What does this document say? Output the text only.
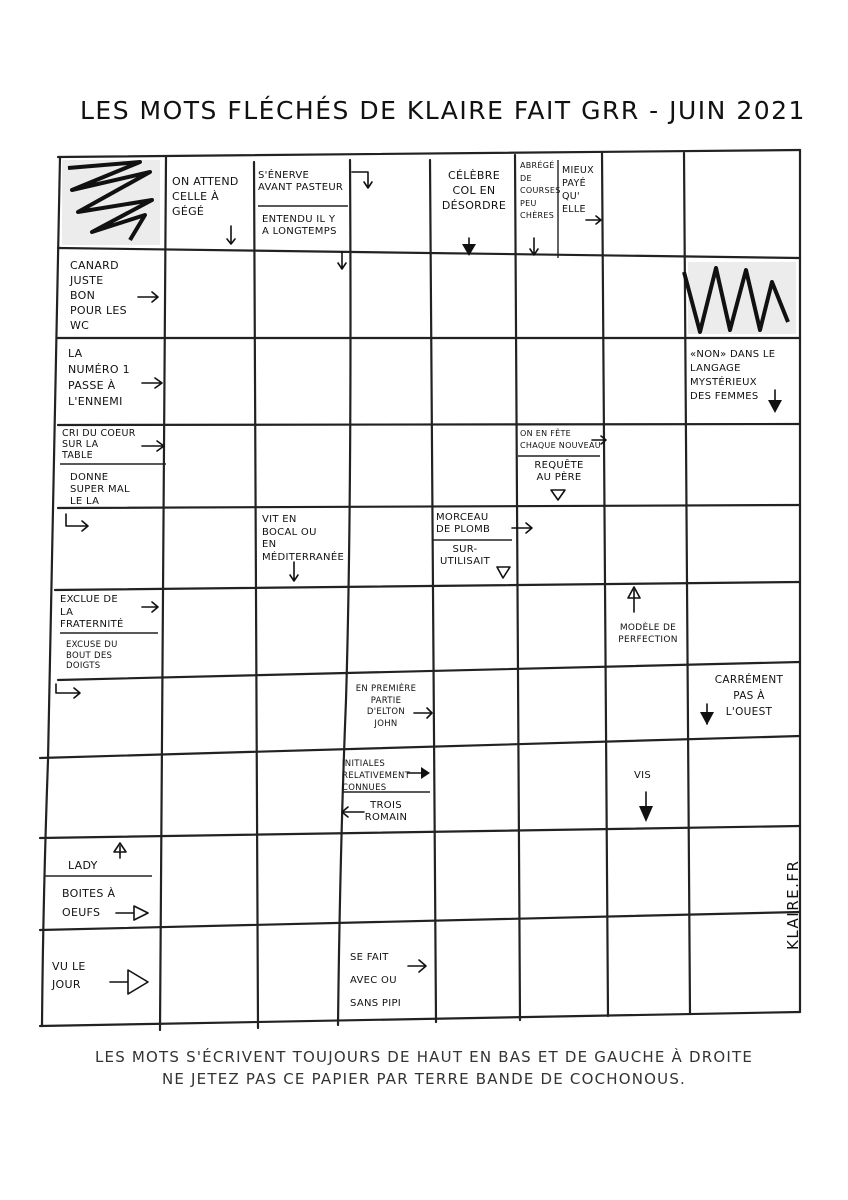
LES MOTS FLÉCHÉS DE KLAIRE FAIT GRR - JUIN 2021
ON ATTEND
CELLE À
GÉGÉ
S'ÉNERVE
AVANT PASTEUR
ENTENDU IL Y
A LONGTEMPS
CÉLÈBRE
COL EN
DÉSORDRE
ABRÉGÉ
DE
COURSES
PEU
CHÈRES
MIEUX
PAYÉ
QU'
ELLE
CANARD
JUSTE
BON
POUR LES
WC
LA
NUMÉRO 1
PASSE À
L'ENNEMI
«NON» DANS LE
LANGAGE
MYSTÉRIEUX
DES FEMMES
CRI DU COEUR
SUR LA
TABLE
DONNE
SUPER MAL
LE LA
ON EN FÊTE
CHAQUE NOUVEAU
REQUÊTE
AU PÈRE
VIT EN
BOCAL OU
EN
MÉDITERRANÉE
MORCEAU
DE PLOMB
SUR-
UTILISAIT
EXCLUE DE
LA
FRATERNITÉ
EXCUSE DU
BOUT DES
DOIGTS
MODÈLE DE
PERFECTION
EN PREMIÈRE
PARTIE
D'ELTON
JOHN
CARRÉMENT
PAS À
L'OUEST
INITIALES
RELATIVEMENT
CONNUES
TROIS
ROMAIN
VIS
LADY
BOITES À
OEUFS
VU LE
JOUR
SE FAIT
AVEC OU
SANS PIPI
KLAIRE.FR
LES MOTS S'ÉCRIVENT TOUJOURS DE HAUT EN BAS ET DE GAUCHE À DROITE
NE JETEZ PAS CE PAPIER PAR TERRE BANDE DE COCHONOUS.
